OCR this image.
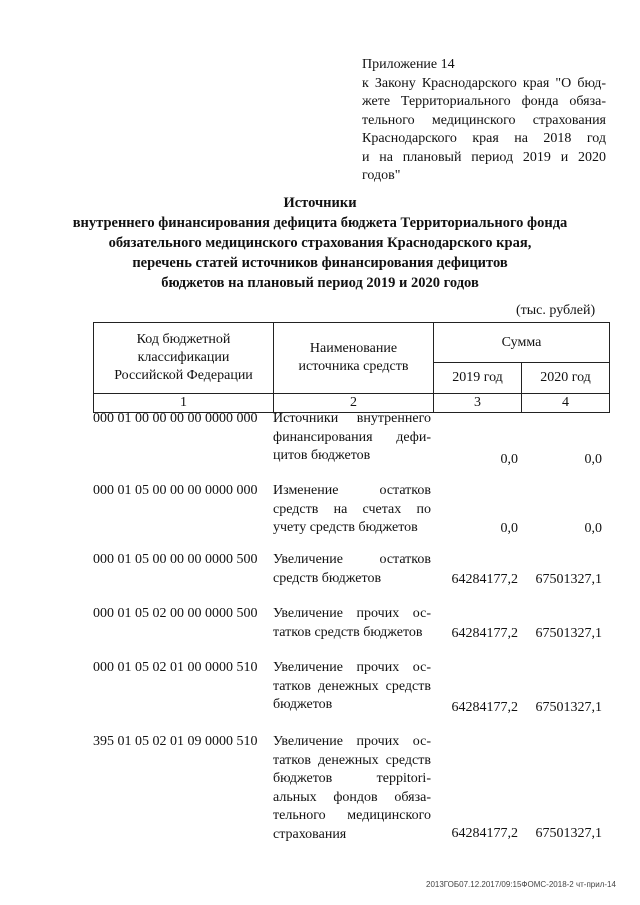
Приложение 14
к Закону Краснодарского края "О бюд-
жете Территориального фонда обяза-
тельного медицинского страхования
Краснодарского края на 2018 год
и на плановый период 2019 и 2020 годов"
Источники
внутреннего финансирования дефицита бюджета Территориального фонда
обязательного медицинского страхования Краснодарского края,
перечень статей источников финансирования дефицитов
бюджетов на плановый период 2019 и 2020 годов
(тыс. рублей)
Код бюджетной классификации Российской Федерации	Наименование источника средств	Сумма	
		2019 год	2020 год
1	2	3	4
000 01 00 00 00 00 0000 000 Источники внутреннего
финансирования дефи-
цитов бюджетов	0,0	0,0
000 01 05 00 00 00 0000 000 Изменение остатков
средств на счетах по
учету средств бюджетов	0,0	0,0
000 01 05 00 00 00 0000 500 Увеличение остатков
средств бюджетов	64284177,2 67501327,1
000 01 05 02 00 00 0000 500 Увеличение прочих ос-
татков средств бюджетов	64284177,2 67501327,1
000 01 05 02 01 00 0000 510 Увеличение прочих ос-
татков денежных средств
бюджетов	64284177,2 67501327,1
395 01 05 02 01 09 0000 510 Увеличение прочих ос-
татков денежных средств
бюджетов террitori-
альных фондов обяза-
тельного медицинского
страхования	64284177,2 67501327,1
2013ГОБ07.12.2017/09:15ФОМС-2018-2 чт-прил-14
